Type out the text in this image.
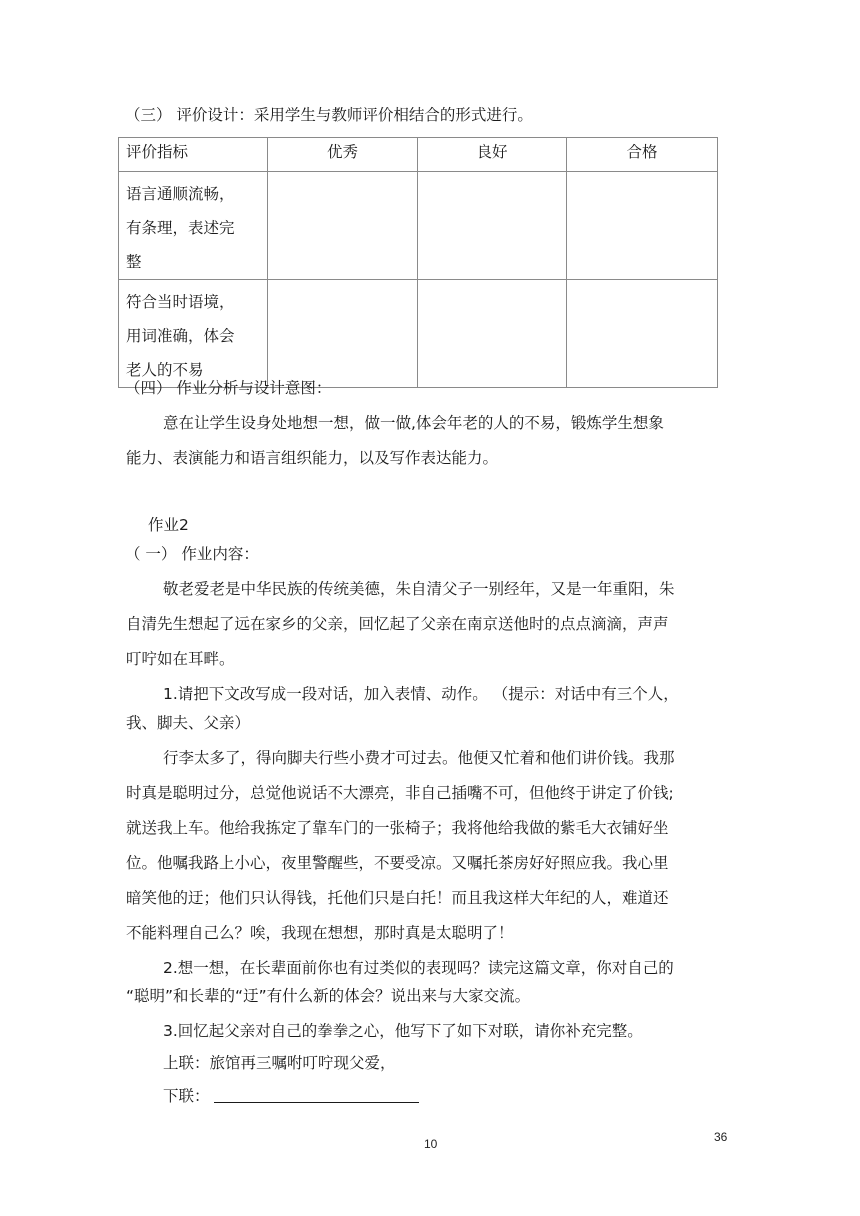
（三） 评价设计：采用学生与教师评价相结合的形式进行。
评价指标	优秀	良好	合格

语言通顺流畅，
有条理，表述完
整			

符合当时语境，
用词准确，体会
老人的不易			

（四） 作业分析与设计意图：
意在让学生设身处地想一想，做一做,体会年老的人的不易，锻炼学生想象
能力、表演能力和语言组织能力，以及写作表达能力。
作业2
（ 一） 作业内容：
敬老爱老是中华民族的传统美德，朱自清父子一别经年，又是一年重阳，朱
自清先生想起了远在家乡的父亲，回忆起了父亲在南京送他时的点点滴滴，声声
叮咛如在耳畔。
1.请把下文改写成一段对话，加入表情、动作。 （提示：对话中有三个人，
我、脚夫、父亲）
行李太多了，得向脚夫行些小费才可过去。他便又忙着和他们讲价钱。我那
时真是聪明过分，总觉他说话不大漂亮，非自己插嘴不可，但他终于讲定了价钱;
就送我上车。他给我拣定了靠车门的一张椅子；我将他给我做的紫毛大衣铺好坐
位。他嘱我路上小心，夜里警醒些，不要受凉。又嘱托茶房好好照应我。我心里
暗笑他的迂；他们只认得钱，托他们只是白托！而且我这样大年纪的人，难道还
不能料理自己么？唉，我现在想想，那时真是太聪明了！
2.想一想，在长辈面前你也有过类似的表现吗？读完这篇文章，你对自己的
“聪明”和长辈的“迂”有什么新的体会？说出来与大家交流。
3.回忆起父亲对自己的拳拳之心，他写下了如下对联，请你补充完整。
上联：旅馆再三嘱咐叮咛现父爱，
下联：
10	36
